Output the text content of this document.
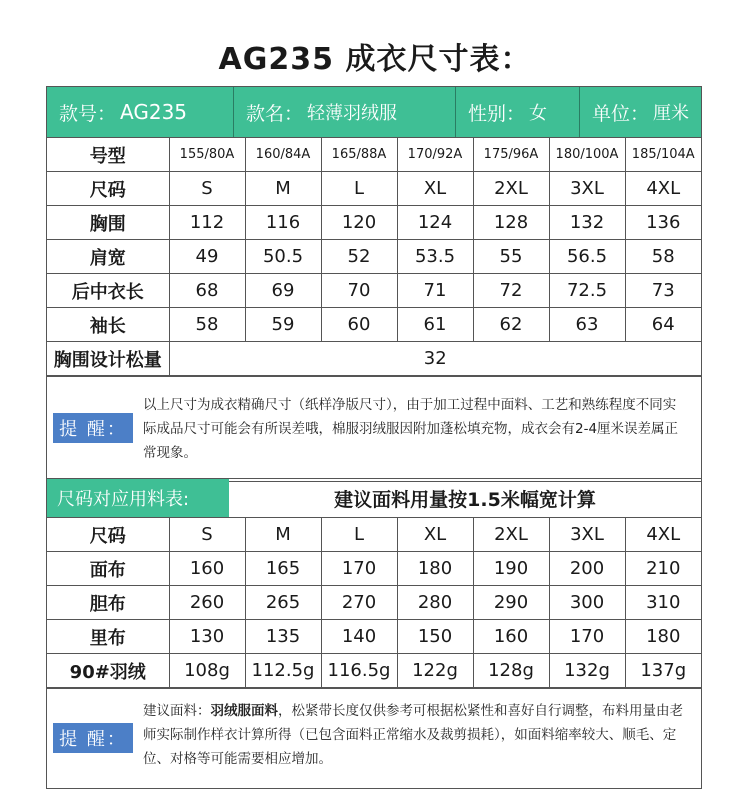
AG235 成衣尺寸表：
款号： AG235	款名： 轻薄羽绒服	性别： 女 单位： 厘米
号型	155/80A	160/84A	165/88A	170/92A	175/96A	180/100A	185/104A
尺码	S	M	L	XL	2XL	3XL	4XL
胸围	112	116	120	124	128	132	136
肩宽	49	50.5	52	53.5	55	56.5	58
后中衣长	68	69	70	71	72	72.5	73
袖长	58	59	60	61	62	63	64
胸围设计松量	32						
提 醒：
以上尺寸为成衣精确尺寸（纸样净版尺寸），由于加工过程中面料、工艺和熟练程度不同实际成品尺寸可能会有所误差哦，棉服羽绒服因附加蓬松填充物，成衣会有2-4厘米误差属正常现象。
尺码对应用料表:	建议面料用量按1.5米幅宽计算
尺码	S	M	L	XL	2XL	3XL	4XL
面布	160	165	170	180	190	200	210
胆布	260	265	270	280	290	300	310
里布	130	135	140	150	160	170	180
90#羽绒	108g	112.5g	116.5g	122g	128g	132g	137g
提 醒：
建议面料：羽绒服面料，松紧带长度仅供参考可根据松紧性和喜好自行调整，布料用量由老师实际制作样衣计算所得（已包含面料正常缩水及裁剪损耗），如面料缩率较大、顺毛、定位、对格等可能需要相应增加。
